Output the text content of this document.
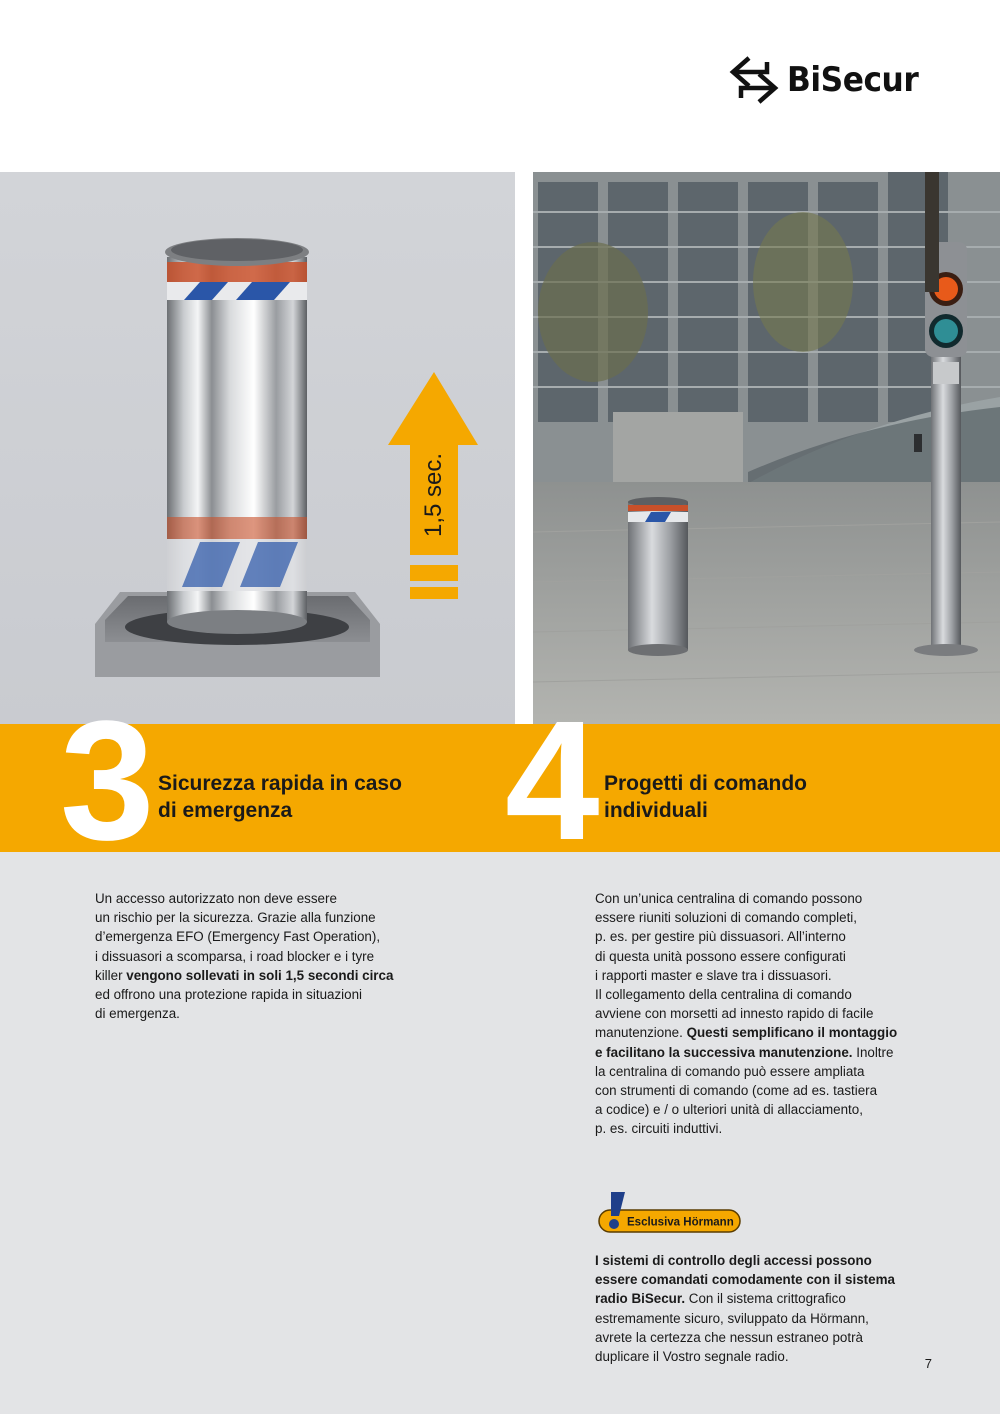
BiSecur
1,5 sec.
3 Sicurezza rapida in caso
di emergenza	4 Progetti di comando
individuali
Un accesso autorizzato non deve essere
un rischio per la sicurezza. Grazie alla funzione
d’emergenza EFO (Emergency Fast Operation),
i dissuasori a scomparsa, i road blocker e i tyre
killer vengono sollevati in soli 1,5 secondi circa
ed offrono una protezione rapida in situazioni
di emergenza.
Con un’unica centralina di comando possono
essere riuniti soluzioni di comando completi,
p. es. per gestire più dissuasori. All’interno
di questa unità possono essere configurati
i rapporti master e slave tra i dissuasori.
Il collegamento della centralina di comando
avviene con morsetti ad innesto rapido di facile
manutenzione. Questi semplificano il montaggio
e facilitano la successiva manutenzione. Inoltre
la centralina di comando può essere ampliata
con strumenti di comando (come ad es. tastiera
a codice) e / o ulteriori unità di allacciamento,
p. es. circuiti induttivi.
Esclusiva Hörmann
I sistemi di controllo degli accessi possono
essere comandati comodamente con il sistema
radio BiSecur. Con il sistema crittografico
estremamente sicuro, sviluppato da Hörmann,
avrete la certezza che nessun estraneo potrà
duplicare il Vostro segnale radio.	7
